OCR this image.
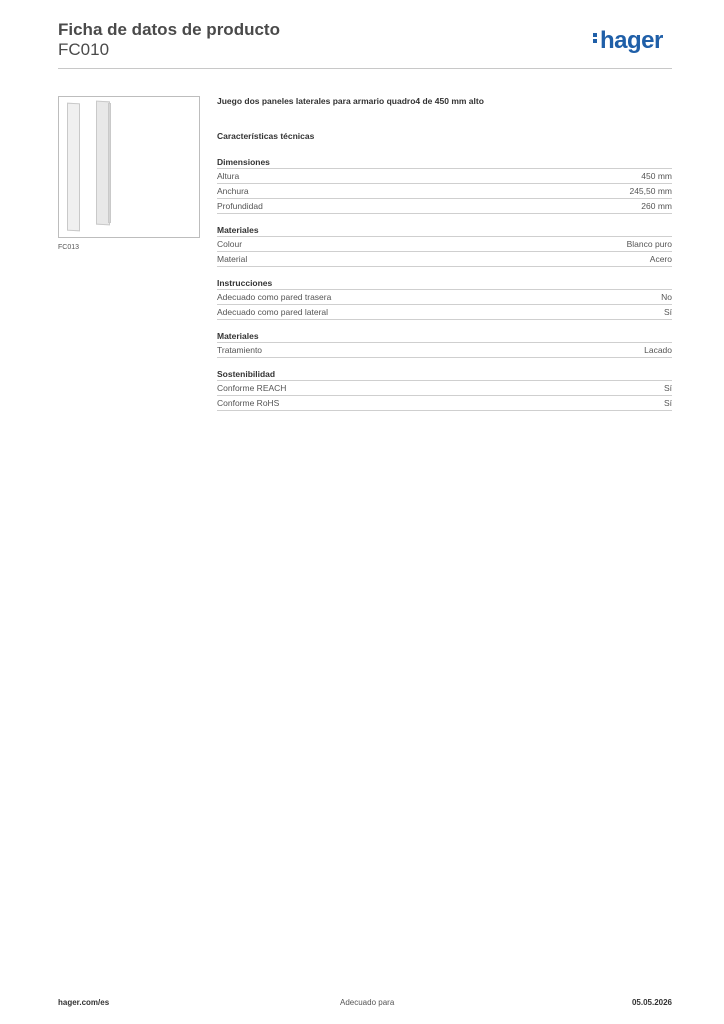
Ficha de datos de producto
FC010	hager
FC013
Juego dos paneles laterales para armario quadro4 de 450 mm alto
Características técnicas
Dimensiones
Altura	450 mm
Anchura	245,50 mm
Profundidad	260 mm
Materiales
Colour	Blanco puro
Material	Acero
Instrucciones
Adecuado como pared trasera	No
Adecuado como pared lateral	Sí
Materiales
Tratamiento	Lacado
Sostenibilidad
Conforme REACH	Sí
Conforme RoHS	Sí
hager.com/es	Adecuado para	05.05.2026
